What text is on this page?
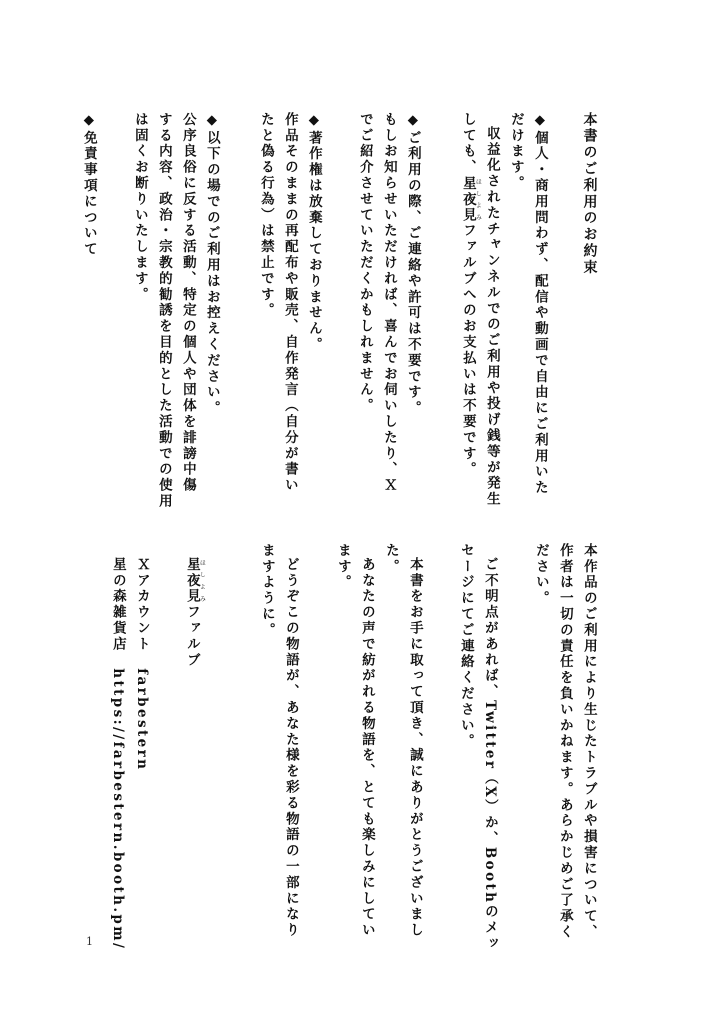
本書のご利用のお約束
◆個人・商用問わず、配信や動画で自由にご利用いた
だけます。
収益化されたチャンネルでのご利用や投げ銭等が発生
しても、星夜見ほしよみファルブへのお支払いは不要です。
◆ご利用の際、ご連絡や許可は不要です。
もしお知らせいただければ、喜んでお伺いしたり、Ｘ
でご紹介させていただくかもしれません。
◆著作権は放棄しておりません。
作品そのままの再配布や販売、自作発言（自分が書い
たと偽る行為）は禁止です。
◆以下の場でのご利用はお控えください。
公序良俗に反する活動、特定の個人や団体を誹謗中傷
する内容、政治・宗教的勧誘を目的とした活動での使用
は固くお断りいたします。
◆免責事項について
本作品のご利用により生じたトラブルや損害について、
作者は一切の責任を負いかねます。あらかじめご了承く
ださい。
ご不明点があれば、Twitter（X）か、Boothのメッ
セージにてご連絡ください。
本書をお手に取って頂き、誠にありがとうございまし
た。
あなたの声で紡がれる物語を、とても楽しみにしてい
ます。
どうぞこの物語が、あなた様を彩る物語の一部になり
ますように。
星夜見ほしよみファルブ
Ｘアカウント　farbestern
星の森雑貨店　https://farbestern.booth.pm/
1
